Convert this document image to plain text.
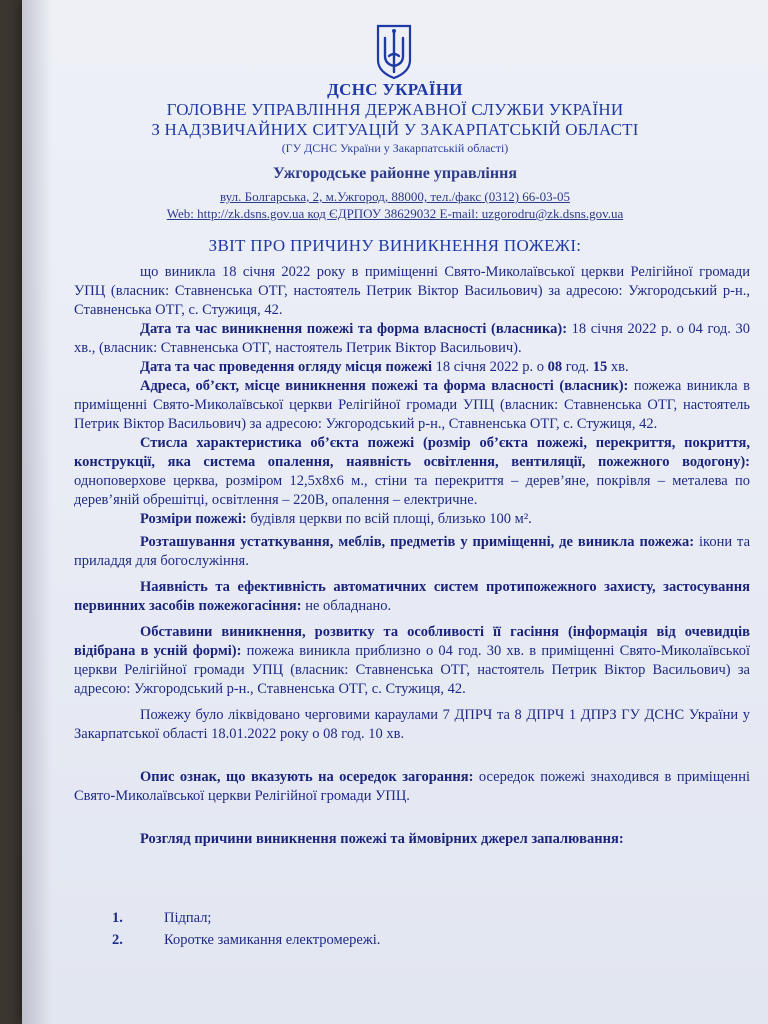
ДСНС УКРАЇНИ
ГОЛОВНЕ УПРАВЛІННЯ ДЕРЖАВНОЇ СЛУЖБИ УКРАЇНИ
З НАДЗВИЧАЙНИХ СИТУАЦІЙ У ЗАКАРПАТСЬКІЙ ОБЛАСТІ
(ГУ ДСНС України у Закарпатській області)
Ужгородське районне управління
вул. Болгарська, 2, м.Ужгород, 88000, тел./факс (0312) 66-03-05
Web: http://zk.dsns.gov.ua код ЄДРПОУ 38629032 E-mail: uzgorodru@zk.dsns.gov.ua
ЗВІТ ПРО ПРИЧИНУ ВИНИКНЕННЯ ПОЖЕЖІ:

що виникла 18 січня 2022 року в приміщенні Свято-Миколаївської церкви Релігійної громади УПЦ (власник: Ставненська ОТГ, настоятель Петрик Віктор Васильович) за адресою: Ужгородський р-н., Ставненська ОТГ, с. Стужиця, 42.

Дата та час виникнення пожежі та форма власності (власника): 18 січня 2022 р. о 04 год. 30 хв., (власник: Ставненська ОТГ, настоятель Петрик Віктор Васильович).

Дата та час проведення огляду місця пожежі 18 січня 2022 р. о 08 год. 15 хв.

Адреса, об’єкт, місце виникнення пожежі та форма власності (власник): пожежа виникла в приміщенні Свято-Миколаївської церкви Релігійної громади УПЦ (власник: Ставненська ОТГ, настоятель Петрик Віктор Васильович) за адресою: Ужгородський р-н., Ставненська ОТГ, с. Стужиця, 42.

Стисла характеристика об’єкта пожежі (розмір об’єкта пожежі, перекриття, покриття, конструкції, яка система опалення, наявність освітлення, вентиляції, пожежного водогону): одноповерхове церква, розміром 12,5х8х6 м., стіни та перекриття – дерев’яне, покрівля – металева по дерев’яній обрешітці, освітлення – 220В, опалення – електричне.

Розміри пожежі: будівля церкви по всій площі, близько 100 м².

Розташування устаткування, меблів, предметів у приміщенні, де виникла пожежа: ікони та приладдя для богослужіння.

Наявність та ефективність автоматичних систем протипожежного захисту, застосування первинних засобів пожежогасіння: не обладнано.

Обставини виникнення, розвитку та особливості її гасіння (інформація від очевидців відібрана в усній формі): пожежа виникла приблизно о 04 год. 30 хв. в приміщенні Свято-Миколаївської церкви Релігійної громади УПЦ (власник: Ставненська ОТГ, настоятель Петрик Віктор Васильович) за адресою: Ужгородський р-н., Ставненська ОТГ, с. Стужиця, 42.

Пожежу було ліквідовано черговими караулами 7 ДПРЧ та 8 ДПРЧ 1 ДПРЗ ГУ ДСНС України у Закарпатської області 18.01.2022 року о 08 год. 10 хв.

Опис ознак, що вказують на осередок загорання: осередок пожежі знаходився в приміщенні Свято-Миколаївської церкви Релігійної громади УПЦ.

Розгляд причини виникнення пожежі та ймовірних джерел запалювання:

1.	Підпал;
2.	Коротке замикання електромережі.
